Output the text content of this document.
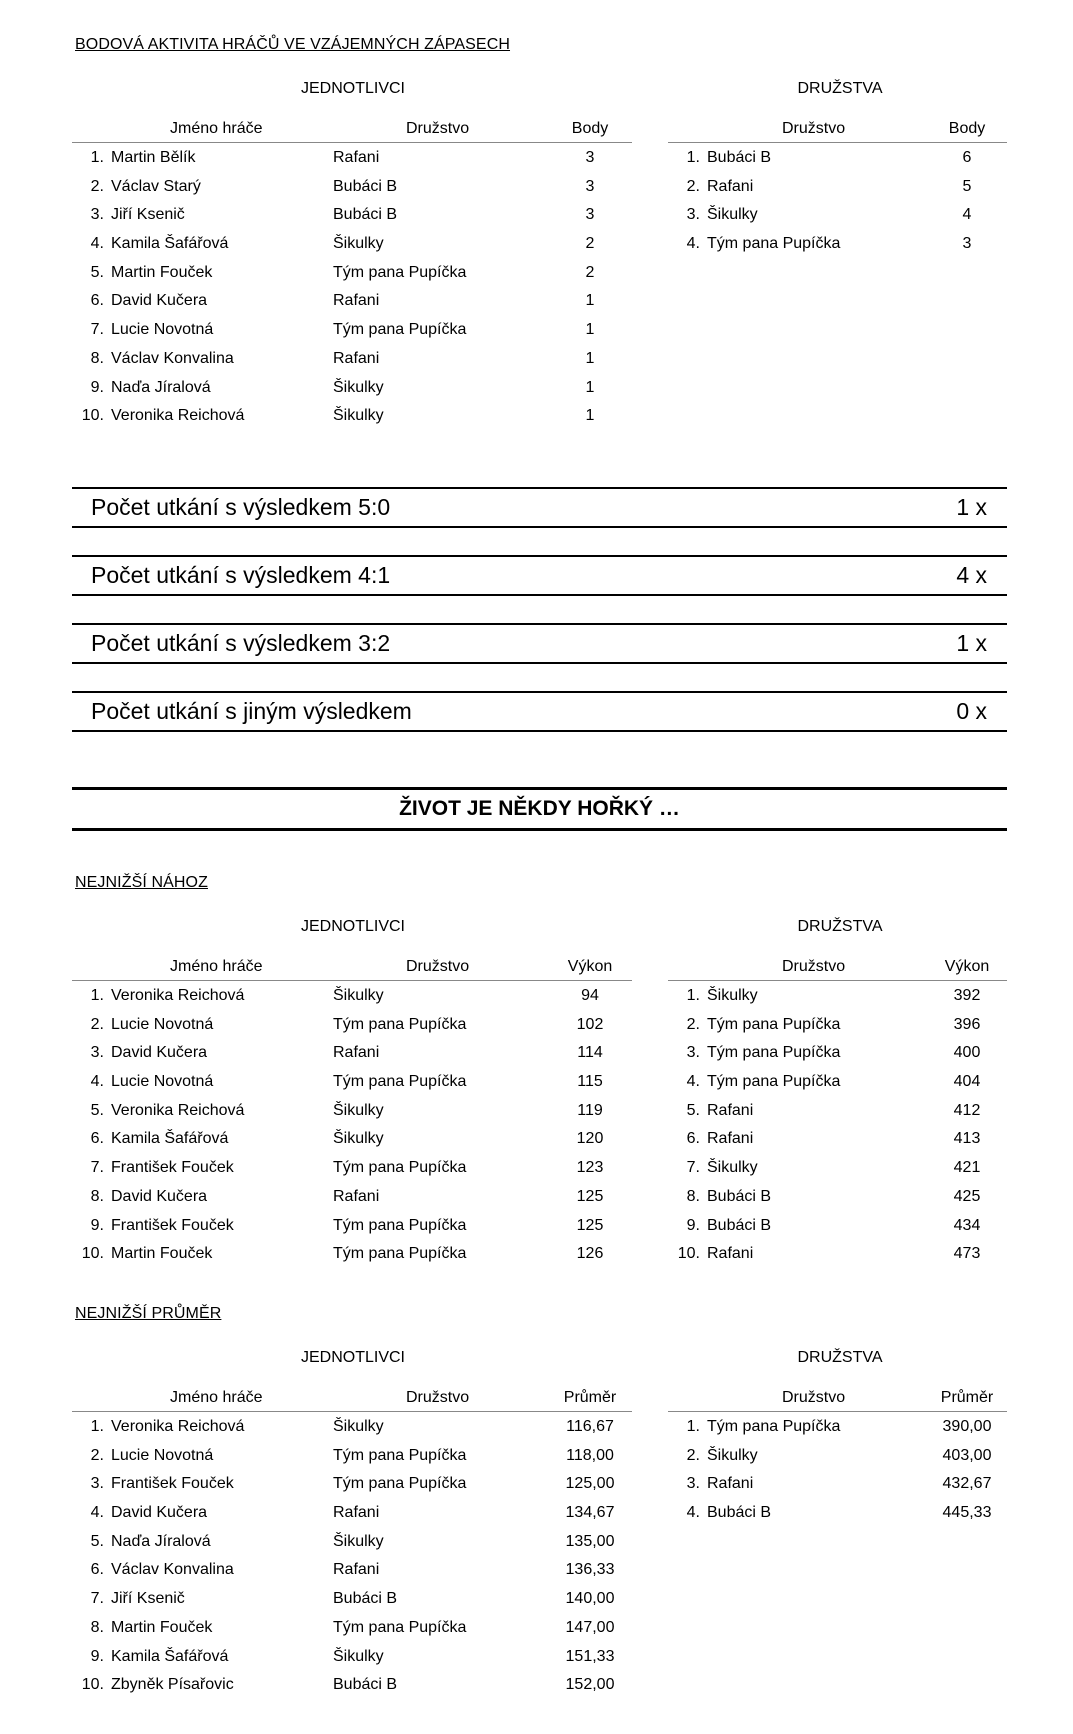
BODOVÁ AKTIVITA HRÁČŮ VE VZÁJEMNÝCH ZÁPASECH
JEDNOTLIVCI	DRUŽSTVA
Jméno hráče	Družstvo	Body
1. Martin Bělík	Rafani	3
2. Václav Starý	Bubáci B	3
3. Jiří Ksenič	Bubáci B	3
4. Kamila Šafářová	Šikulky	2
5. Martin Fouček	Tým pana Pupíčka	2
6. David Kučera	Rafani	1
7. Lucie Novotná	Tým pana Pupíčka	1
8. Václav Konvalina	Rafani	1
9. Naďa Jíralová	Šikulky	1
10. Veronika Reichová	Šikulky	1
Družstvo	Body
1. Bubáci B	6
2. Rafani	5
3. Šikulky	4
4. Tým pana Pupíčka	3
Počet utkání s výsledkem 5:0	1 x
Počet utkání s výsledkem 4:1	4 x
Počet utkání s výsledkem 3:2	1 x
Počet utkání s jiným výsledkem	0 x
ŽIVOT JE NĚKDY HOŘKÝ …
NEJNIŽŠÍ NÁHOZ
JEDNOTLIVCI	DRUŽSTVA
Jméno hráče	Družstvo	Výkon
1. Veronika Reichová	Šikulky	94
2. Lucie Novotná	Tým pana Pupíčka	102
3. David Kučera	Rafani	114
4. Lucie Novotná	Tým pana Pupíčka	115
5. Veronika Reichová	Šikulky	119
6. Kamila Šafářová	Šikulky	120
7. František Fouček	Tým pana Pupíčka	123
8. David Kučera	Rafani	125
9. František Fouček	Tým pana Pupíčka	125
10. Martin Fouček	Tým pana Pupíčka	126
Družstvo	Výkon
1. Šikulky	392
2. Tým pana Pupíčka	396
3. Tým pana Pupíčka	400
4. Tým pana Pupíčka	404
5. Rafani	412
6. Rafani	413
7. Šikulky	421
8. Bubáci B	425
9. Bubáci B	434
10. Rafani	473
NEJNIŽŠÍ PRŮMĚR
JEDNOTLIVCI	DRUŽSTVA
Jméno hráče	Družstvo	Průměr
1. Veronika Reichová	Šikulky	116,67
2. Lucie Novotná	Tým pana Pupíčka	118,00
3. František Fouček	Tým pana Pupíčka	125,00
4. David Kučera	Rafani	134,67
5. Naďa Jíralová	Šikulky	135,00
6. Václav Konvalina	Rafani	136,33
7. Jiří Ksenič	Bubáci B	140,00
8. Martin Fouček	Tým pana Pupíčka	147,00
9. Kamila Šafářová	Šikulky	151,33
10. Zbyněk Písařovic	Bubáci B	152,00
Družstvo	Průměr
1. Tým pana Pupíčka	390,00
2. Šikulky	403,00
3. Rafani	432,67
4. Bubáci B	445,33
